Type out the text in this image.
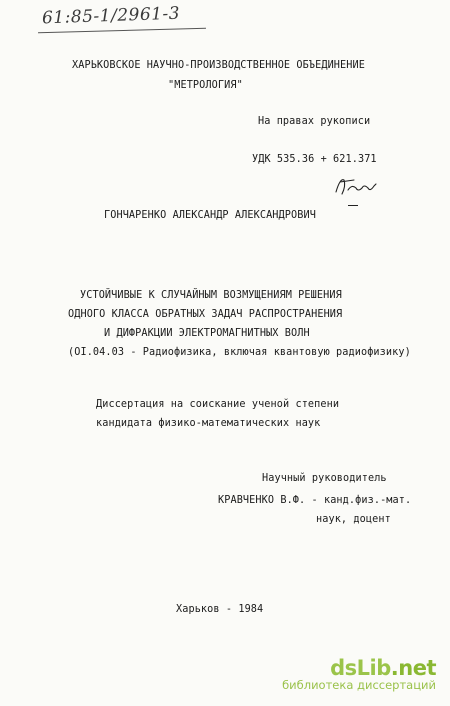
61:85-1/2961-3
ХАРЬКОВСКОЕ НАУЧНО-ПРОИЗВОДСТВЕННОЕ ОБЪЕДИНЕНИЕ
"МЕТРОЛОГИЯ"
На правах рукописи
УДК 535.36 + 621.371
ГОНЧАРЕНКО АЛЕКСАНДР АЛЕКСАНДРОВИЧ
УСТОЙЧИВЫЕ К СЛУЧАЙНЫМ ВОЗМУЩЕНИЯМ РЕШЕНИЯ
ОДНОГО КЛАССА ОБРАТНЫХ ЗАДАЧ РАСПРОСТРАНЕНИЯ
И ДИФРАКЦИИ ЭЛЕКТРОМАГНИТНЫХ ВОЛН
(OI.04.03 - Радиофизика, включая квантовую радиофизику)
Диссертация на соискание ученой степени
кандидата физико-математических наук
Научный руководитель
КРАВЧЕНКО В.Ф. - канд.физ.-мат.
наук, доцент
Харьков - 1984
dsLib.net
библиотека диссертаций
